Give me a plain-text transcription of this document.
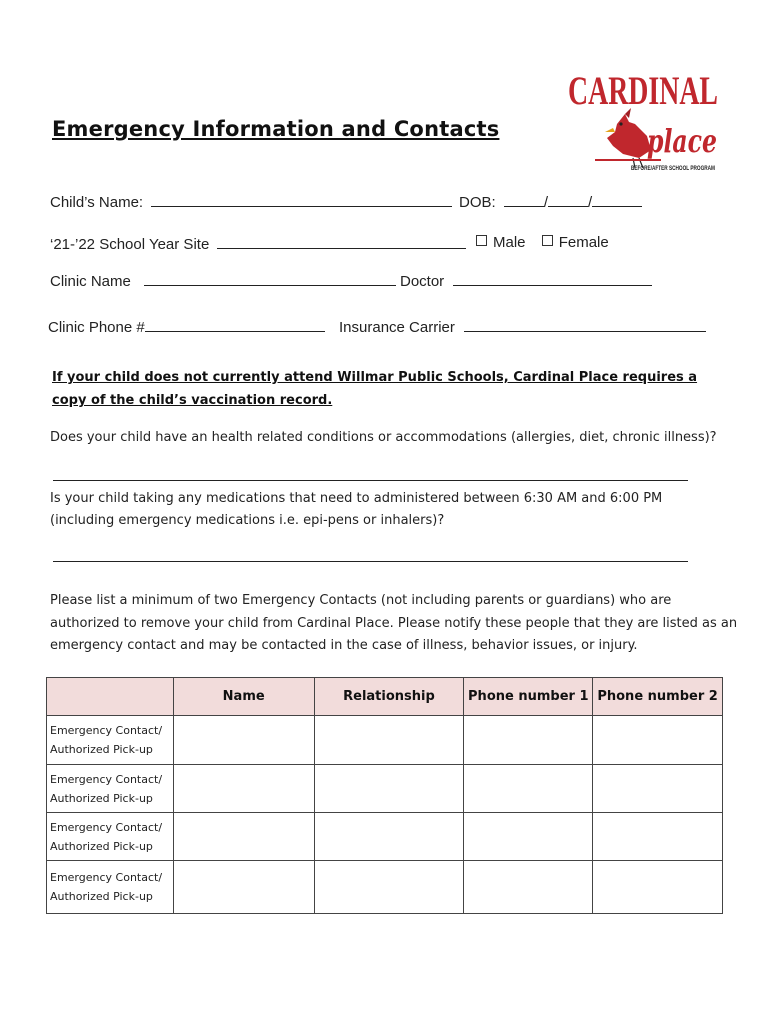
CARDINAL
place
BEFORE/AFTER SCHOOL PROGRAM
Emergency Information and Contacts
Child’s Name:	DOB:	/	/
‘21-’22 School Year Site	Male Female
Clinic Name	Doctor
Clinic Phone #	Insurance Carrier
If your child does not currently attend Willmar Public Schools, Cardinal Place requires a copy of the child’s vaccination record.
Does your child have an health related conditions or accommodations (allergies, diet, chronic illness)?
Is your child taking any medications that need to administered between 6:30 AM and 6:00 PM (including emergency medications i.e. epi-pens or inhalers)?
Please list a minimum of two Emergency Contacts (not including parents or guardians) who are authorized to remove your child from Cardinal Place. Please notify these people that they are listed as an emergency contact and may be contacted in the case of illness, behavior issues, or injury.
	Name	Relationship	Phone number 1	Phone number 2

Emergency Contact/
Authorized Pick-up				

Emergency Contact/
Authorized Pick-up				

Emergency Contact/
Authorized Pick-up				

Emergency Contact/
Authorized Pick-up				
